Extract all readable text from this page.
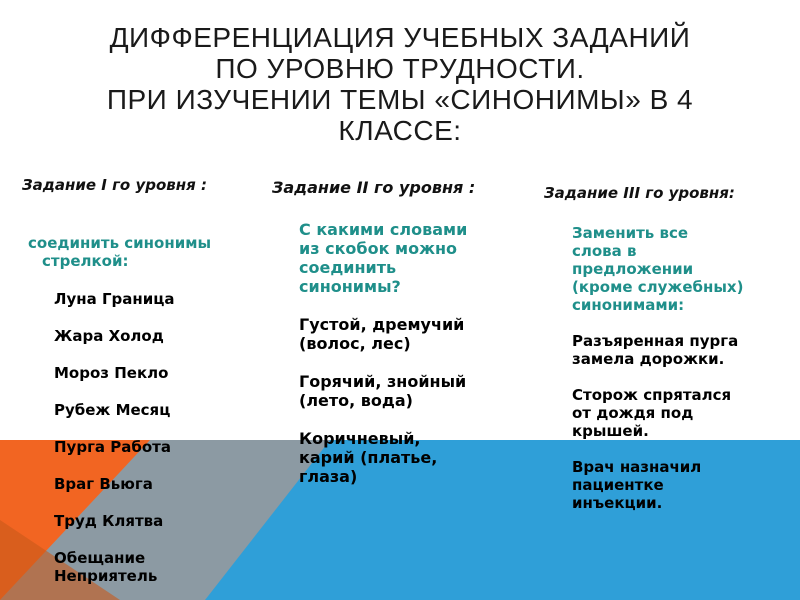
ДИФФЕРЕНЦИАЦИЯ УЧЕБНЫХ ЗАДАНИЙ
ПО УРОВНЮ ТРУДНОСТИ.
ПРИ ИЗУЧЕНИИ ТЕМЫ «СИНОНИМЫ» В 4
КЛАССЕ:
Задание I го уровня :
соединить синонимы
стрелкой:
Луна Граница
Жара Холод
Мороз Пекло
Рубеж Месяц
Пурга Работа
Враг Вьюга
Труд Клятва
Обещание
Неприятель
Задание II го уровня :
С какими словами
из скобок можно
соединить
синонимы?
Густой, дремучий
(волос, лес)
Горячий, знойный
(лето, вода)
Коричневый,
карий (платье,
глаза)
Задание III го уровня:
Заменить все
слова в
предложении
(кроме служебных)
синонимами:
Разъяренная пурга
замела дорожки.
Сторож спрятался
от дождя под
крышей.
Врач назначил
пациентке
инъекции.
